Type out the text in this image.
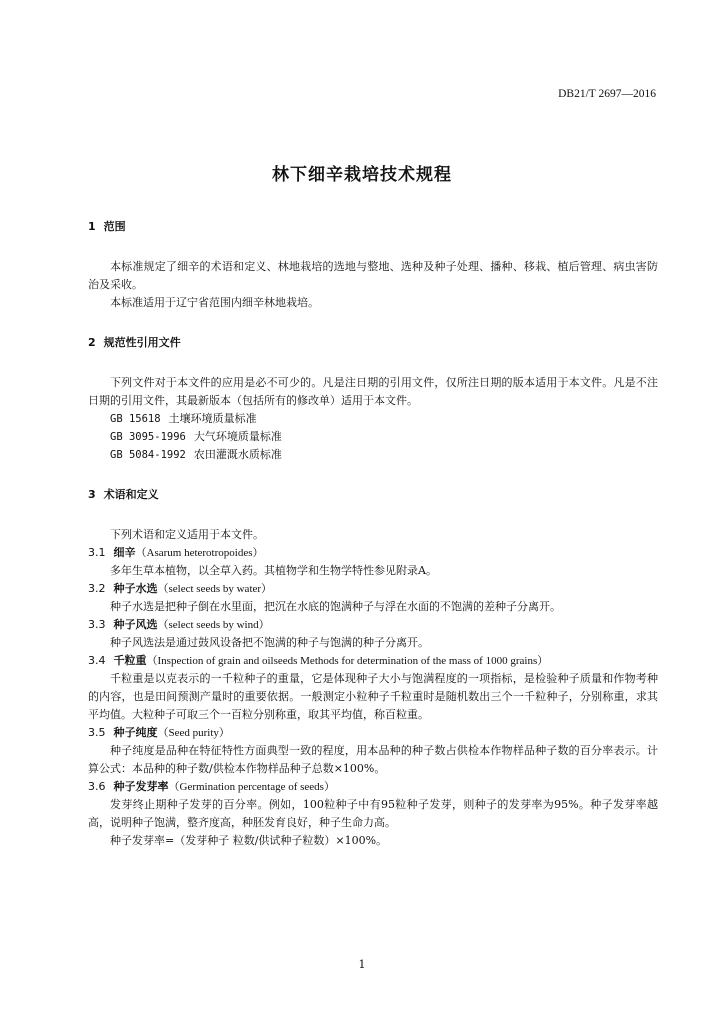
DB21/T 2697—2016
林下细辛栽培技术规程

1 范围

本标准规定了细辛的术语和定义、林地栽培的选地与整地、选种及种子处理、播种、移栽、植后管理、病虫害防治及采收。

本标准适用于辽宁省范围内细辛林地栽培。

2 规范性引用文件

下列文件对于本文件的应用是必不可少的。凡是注日期的引用文件，仅所注日期的版本适用于本文件。凡是不注日期的引用文件，其最新版本（包括所有的修改单）适用于本文件。

GB 15618 土壤环境质量标准

GB 3095-1996 大气环境质量标准

GB 5084-1992 农田灌溉水质标准

3 术语和定义

下列术语和定义适用于本文件。

3.1 细辛（Asarum heterotropoides）

多年生草本植物，以全草入药。其植物学和生物学特性参见附录A。

3.2 种子水选（select seeds by water）

种子水选是把种子倒在水里面，把沉在水底的饱满种子与浮在水面的不饱满的差种子分离开。

3.3 种子风选（select seeds by wind）

种子风选法是通过鼓风设备把不饱满的种子与饱满的种子分离开。

3.4 千粒重（Inspection of grain and oilseeds Methods for determination of the mass of 1000 grains）

千粒重是以克表示的一千粒种子的重量，它是体现种子大小与饱满程度的一项指标，是检验种子质量和作物考种的内容，也是田间预测产量时的重要依据。一般测定小粒种子千粒重时是随机数出三个一千粒种子，分别称重，求其平均值。大粒种子可取三个一百粒分别称重，取其平均值，称百粒重。

3.5 种子纯度（Seed purity）

种子纯度是品种在特征特性方面典型一致的程度，用本品种的种子数占供检本作物样品种子数的百分率表示。计算公式：本品种的种子数/供检本作物样品种子总数×100%。

3.6 种子发芽率（Germination percentage of seeds）

发芽终止期种子发芽的百分率。例如，100粒种子中有95粒种子发芽，则种子的发芽率为95%。种子发芽率越高，说明种子饱满，整齐度高，种胚发育良好，种子生命力高。

种子发芽率=（发芽种子 粒数/供试种子粒数）×100%。

1
